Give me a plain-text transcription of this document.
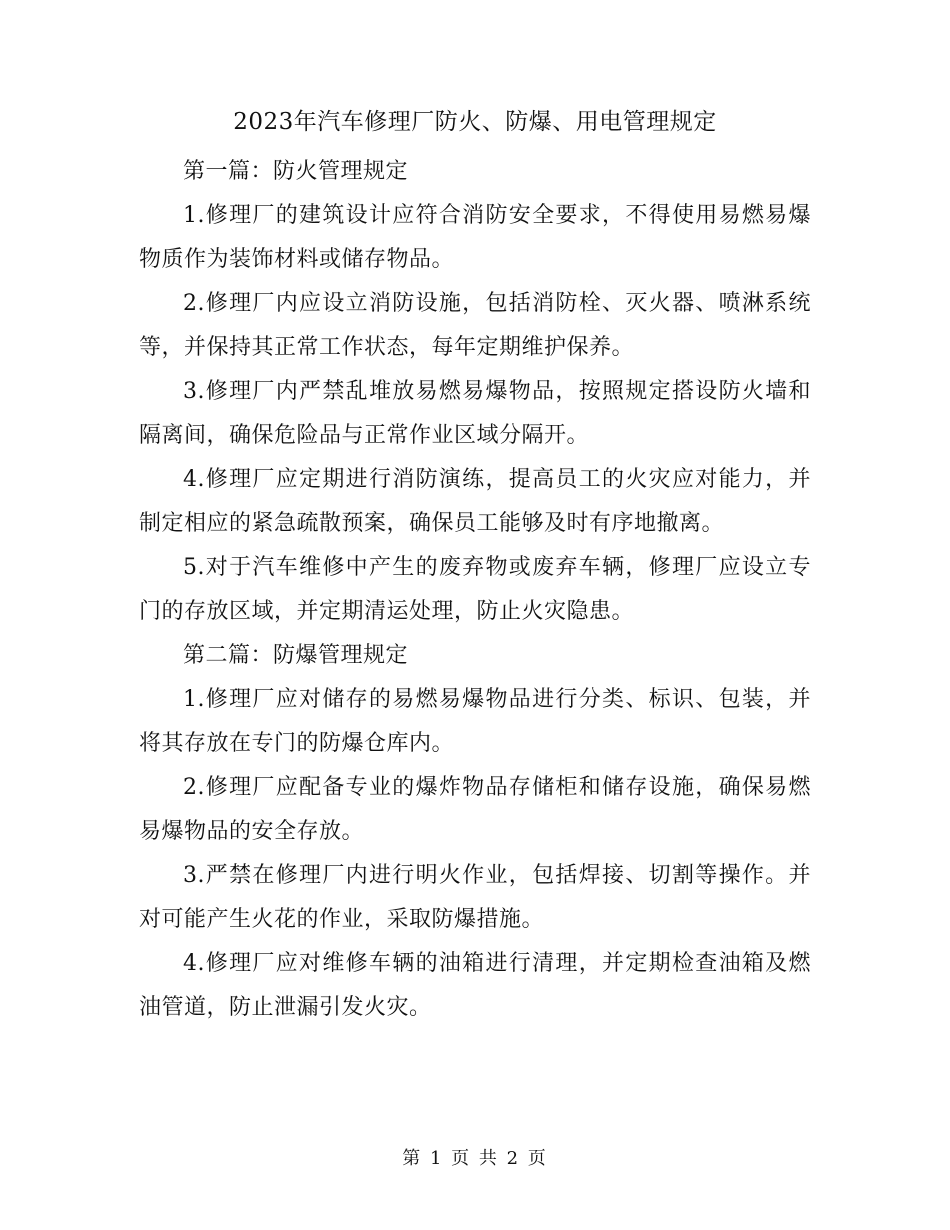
2023年汽车修理厂防火、防爆、用电管理规定

第一篇：防火管理规定

1.修理厂的建筑设计应符合消防安全要求，不得使用易燃易爆物质作为装饰材料或储存物品。

2.修理厂内应设立消防设施，包括消防栓、灭火器、喷淋系统等，并保持其正常工作状态，每年定期维护保养。

3.修理厂内严禁乱堆放易燃易爆物品，按照规定搭设防火墙和隔离间，确保危险品与正常作业区域分隔开。

4.修理厂应定期进行消防演练，提高员工的火灾应对能力，并制定相应的紧急疏散预案，确保员工能够及时有序地撤离。

5.对于汽车维修中产生的废弃物或废弃车辆，修理厂应设立专门的存放区域，并定期清运处理，防止火灾隐患。

第二篇：防爆管理规定

1.修理厂应对储存的易燃易爆物品进行分类、标识、包装，并将其存放在专门的防爆仓库内。

2.修理厂应配备专业的爆炸物品存储柜和储存设施，确保易燃易爆物品的安全存放。

3.严禁在修理厂内进行明火作业，包括焊接、切割等操作。并对可能产生火花的作业，采取防爆措施。

4.修理厂应对维修车辆的油箱进行清理，并定期检查油箱及燃油管道，防止泄漏引发火灾。

第 1 页 共 2 页
